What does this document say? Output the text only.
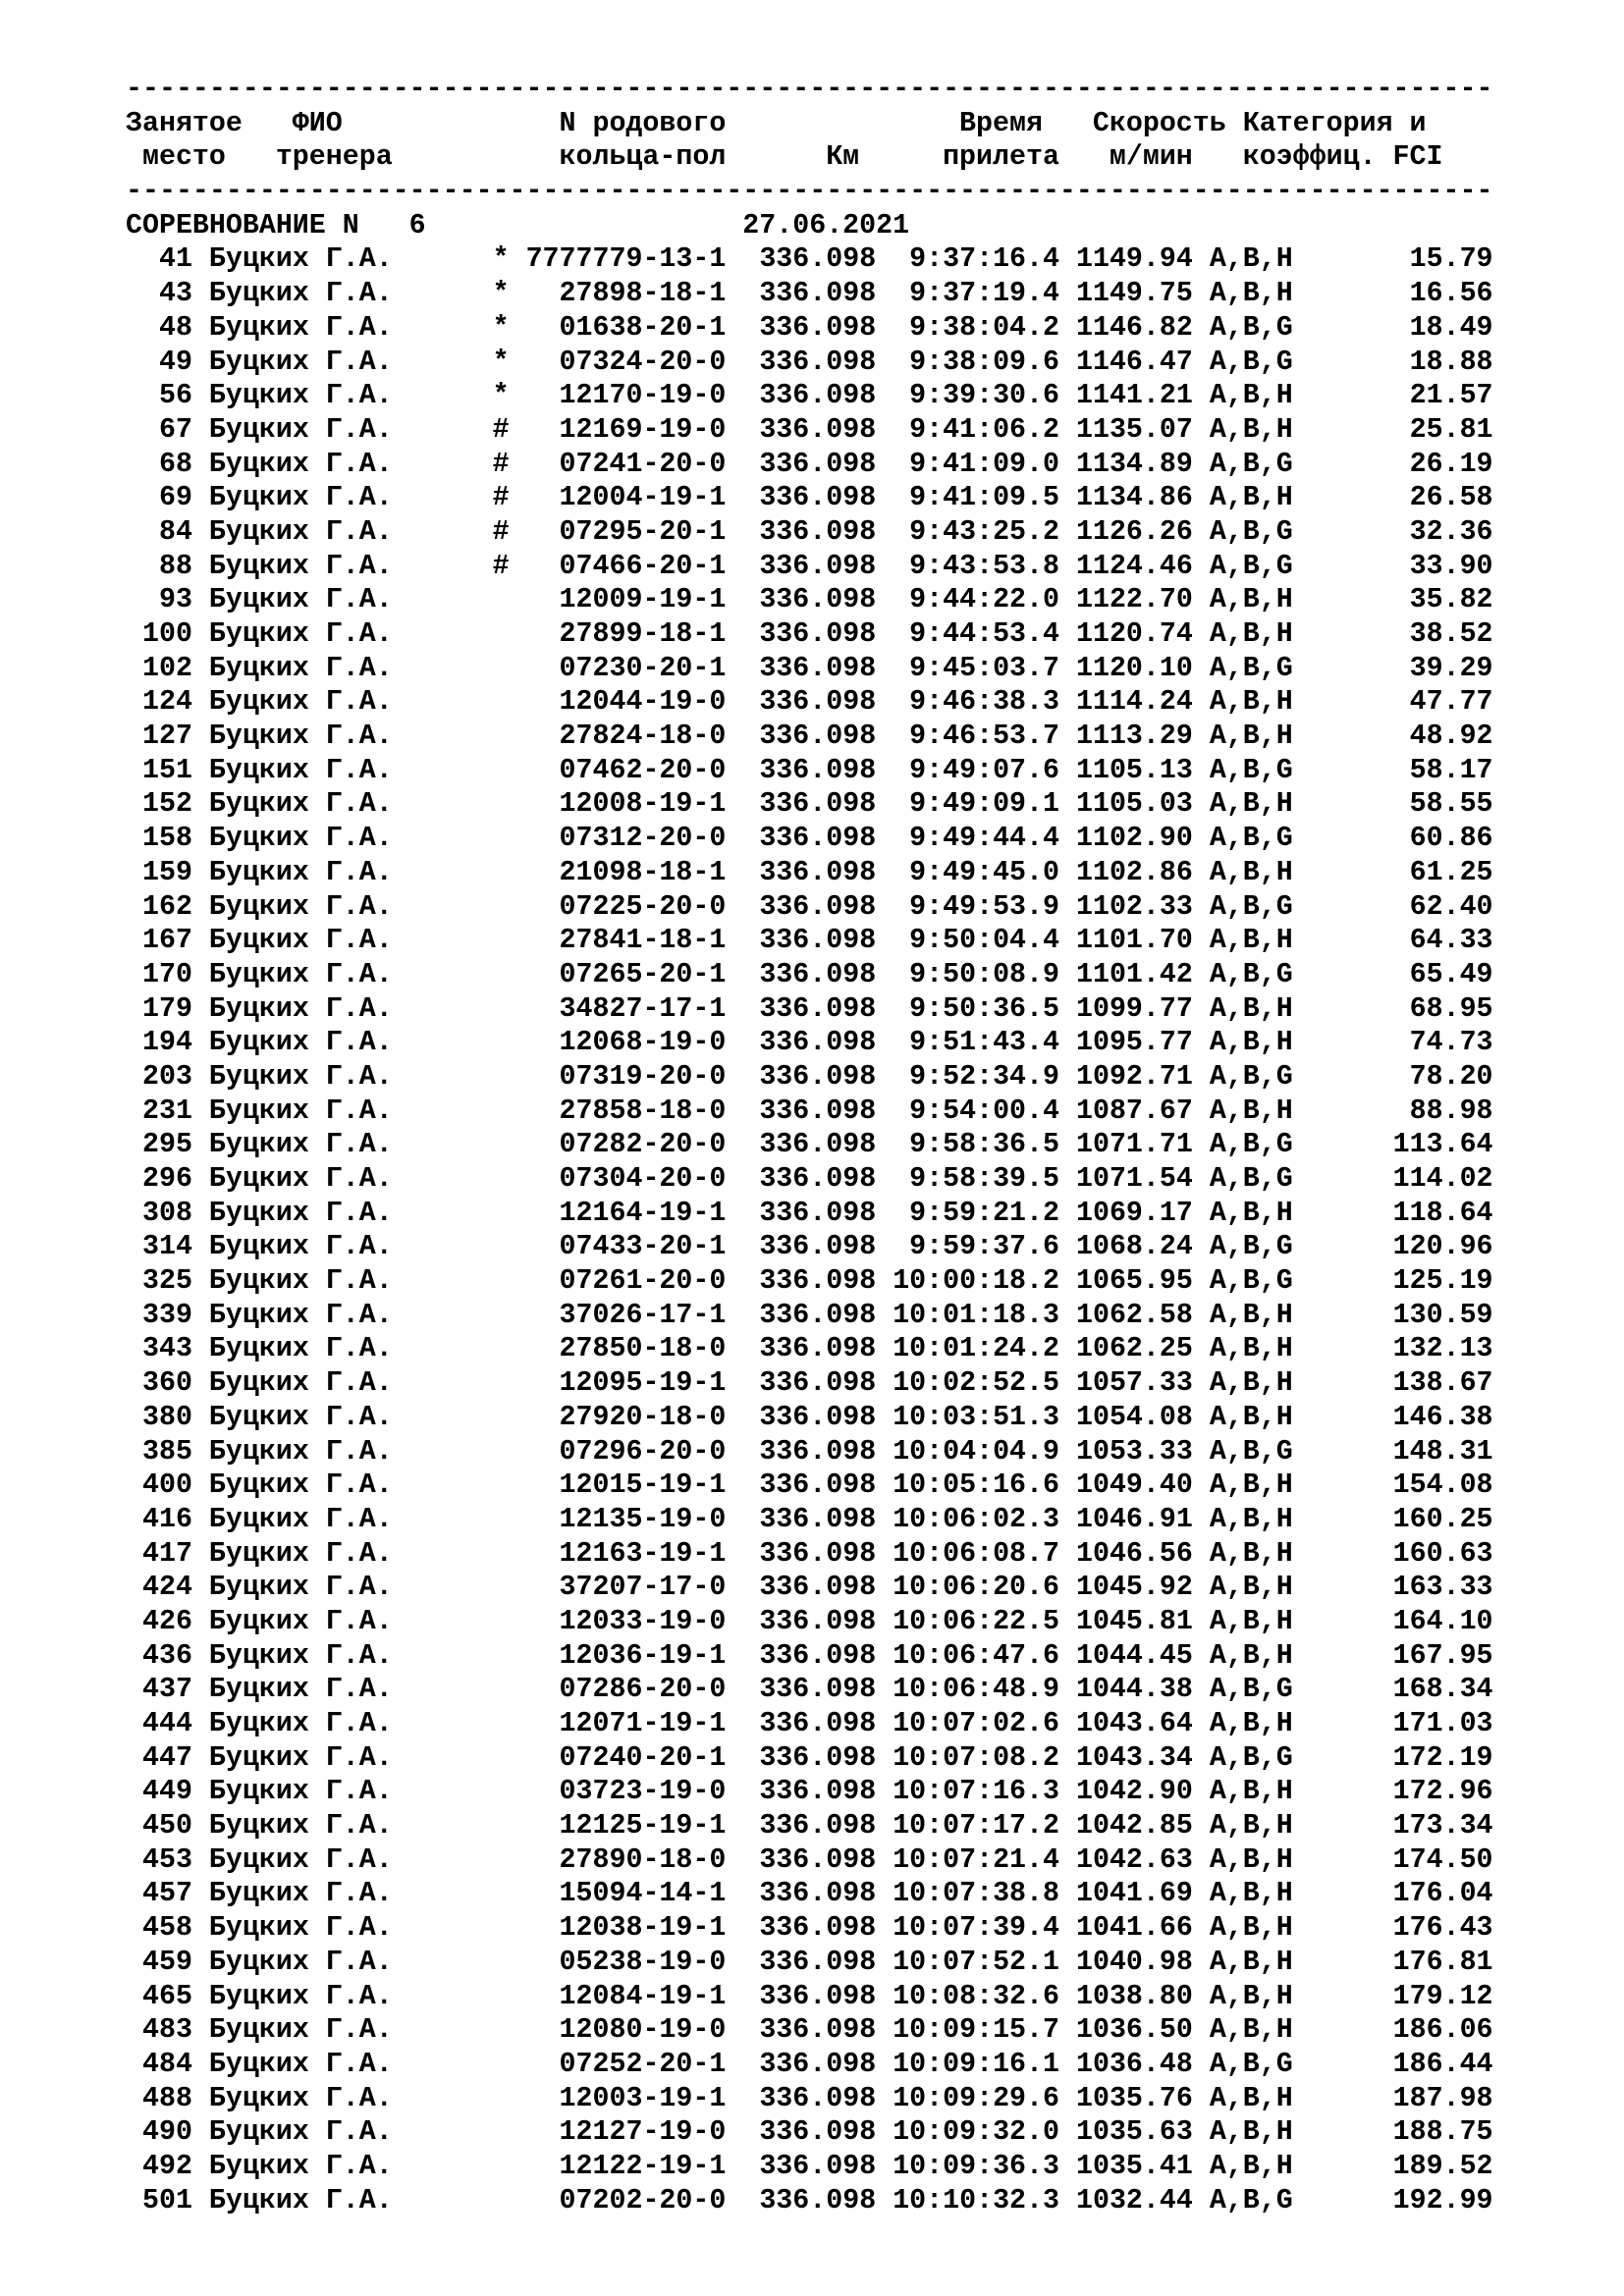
----------------------------------------------------------------------------------
Занятое   ФИО             N родового              Время   Скорость Категория и
место   тренера          кольца-пол      Км     прилета   м/мин   коэффиц. FCI
----------------------------------------------------------------------------------
СОРЕВНОВАНИЕ N   6	27.06.2021
41 Буцких Г.А.	* 7777779-13-1 336.098 9:37:16.4 1149.94 A,B,H	15.79
43 Буцких Г.А.	* 27898-18-1 336.098 9:37:19.4 1149.75 A,B,H	16.56
48 Буцких Г.А.	* 01638-20-1 336.098 9:38:04.2 1146.82 A,B,G	18.49
49 Буцких Г.А.	* 07324-20-0 336.098 9:38:09.6 1146.47 A,B,G	18.88
56 Буцких Г.А.	* 12170-19-0 336.098 9:39:30.6 1141.21 A,B,H	21.57
67 Буцких Г.А.	# 12169-19-0 336.098 9:41:06.2 1135.07 A,B,H	25.81
68 Буцких Г.А.	# 07241-20-0 336.098 9:41:09.0 1134.89 A,B,G	26.19
69 Буцких Г.А.	# 12004-19-1 336.098 9:41:09.5 1134.86 A,B,H	26.58
84 Буцких Г.А.	# 07295-20-1 336.098 9:43:25.2 1126.26 A,B,G	32.36
88 Буцких Г.А.	# 07466-20-1 336.098 9:43:53.8 1124.46 A,B,G	33.90
93 Буцких Г.А.	12009-19-1 336.098 9:44:22.0 1122.70 A,B,H	35.82
100 Буцких Г.А.	27899-18-1 336.098 9:44:53.4 1120.74 A,B,H	38.52
102 Буцких Г.А.	07230-20-1 336.098 9:45:03.7 1120.10 A,B,G	39.29
124 Буцких Г.А.	12044-19-0 336.098 9:46:38.3 1114.24 A,B,H	47.77
127 Буцких Г.А.	27824-18-0 336.098 9:46:53.7 1113.29 A,B,H	48.92
151 Буцких Г.А.	07462-20-0 336.098 9:49:07.6 1105.13 A,B,G	58.17
152 Буцких Г.А.	12008-19-1 336.098 9:49:09.1 1105.03 A,B,H	58.55
158 Буцких Г.А.	07312-20-0 336.098 9:49:44.4 1102.90 A,B,G	60.86
159 Буцких Г.А.	21098-18-1 336.098 9:49:45.0 1102.86 A,B,H	61.25
162 Буцких Г.А.	07225-20-0 336.098 9:49:53.9 1102.33 A,B,G	62.40
167 Буцких Г.А.	27841-18-1 336.098 9:50:04.4 1101.70 A,B,H	64.33
170 Буцких Г.А.	07265-20-1 336.098 9:50:08.9 1101.42 A,B,G	65.49
179 Буцких Г.А.	34827-17-1 336.098 9:50:36.5 1099.77 A,B,H	68.95
194 Буцких Г.А.	12068-19-0 336.098 9:51:43.4 1095.77 A,B,H	74.73
203 Буцких Г.А.	07319-20-0 336.098 9:52:34.9 1092.71 A,B,G	78.20
231 Буцких Г.А.	27858-18-0 336.098 9:54:00.4 1087.67 A,B,H	88.98
295 Буцких Г.А.	07282-20-0 336.098 9:58:36.5 1071.71 A,B,G	113.64
296 Буцких Г.А.	07304-20-0 336.098 9:58:39.5 1071.54 A,B,G	114.02
308 Буцких Г.А.	12164-19-1 336.098 9:59:21.2 1069.17 A,B,H	118.64
314 Буцких Г.А.	07433-20-1 336.098 9:59:37.6 1068.24 A,B,G	120.96
325 Буцких Г.А.	07261-20-0 336.098 10:00:18.2 1065.95 A,B,G	125.19
339 Буцких Г.А.	37026-17-1 336.098 10:01:18.3 1062.58 A,B,H	130.59
343 Буцких Г.А.	27850-18-0 336.098 10:01:24.2 1062.25 A,B,H	132.13
360 Буцких Г.А.	12095-19-1 336.098 10:02:52.5 1057.33 A,B,H	138.67
380 Буцких Г.А.	27920-18-0 336.098 10:03:51.3 1054.08 A,B,H	146.38
385 Буцких Г.А.	07296-20-0 336.098 10:04:04.9 1053.33 A,B,G	148.31
400 Буцких Г.А.	12015-19-1 336.098 10:05:16.6 1049.40 A,B,H	154.08
416 Буцких Г.А.	12135-19-0 336.098 10:06:02.3 1046.91 A,B,H	160.25
417 Буцких Г.А.	12163-19-1 336.098 10:06:08.7 1046.56 A,B,H	160.63
424 Буцких Г.А.	37207-17-0 336.098 10:06:20.6 1045.92 A,B,H	163.33
426 Буцких Г.А.	12033-19-0 336.098 10:06:22.5 1045.81 A,B,H	164.10
436 Буцких Г.А.	12036-19-1 336.098 10:06:47.6 1044.45 A,B,H	167.95
437 Буцких Г.А.	07286-20-0 336.098 10:06:48.9 1044.38 A,B,G	168.34
444 Буцких Г.А.	12071-19-1 336.098 10:07:02.6 1043.64 A,B,H	171.03
447 Буцких Г.А.	07240-20-1 336.098 10:07:08.2 1043.34 A,B,G	172.19
449 Буцких Г.А.	03723-19-0 336.098 10:07:16.3 1042.90 A,B,H	172.96
450 Буцких Г.А.	12125-19-1 336.098 10:07:17.2 1042.85 A,B,H	173.34
453 Буцких Г.А.	27890-18-0 336.098 10:07:21.4 1042.63 A,B,H	174.50
457 Буцких Г.А.	15094-14-1 336.098 10:07:38.8 1041.69 A,B,H	176.04
458 Буцких Г.А.	12038-19-1 336.098 10:07:39.4 1041.66 A,B,H	176.43
459 Буцких Г.А.	05238-19-0 336.098 10:07:52.1 1040.98 A,B,H	176.81
465 Буцких Г.А.	12084-19-1 336.098 10:08:32.6 1038.80 A,B,H	179.12
483 Буцких Г.А.	12080-19-0 336.098 10:09:15.7 1036.50 A,B,H	186.06
484 Буцких Г.А.	07252-20-1 336.098 10:09:16.1 1036.48 A,B,G	186.44
488 Буцких Г.А.	12003-19-1 336.098 10:09:29.6 1035.76 A,B,H	187.98
490 Буцких Г.А.	12127-19-0 336.098 10:09:32.0 1035.63 A,B,H	188.75
492 Буцких Г.А.	12122-19-1 336.098 10:09:36.3 1035.41 A,B,H	189.52
501 Буцких Г.А.	07202-20-0 336.098 10:10:32.3 1032.44 A,B,G	192.99
